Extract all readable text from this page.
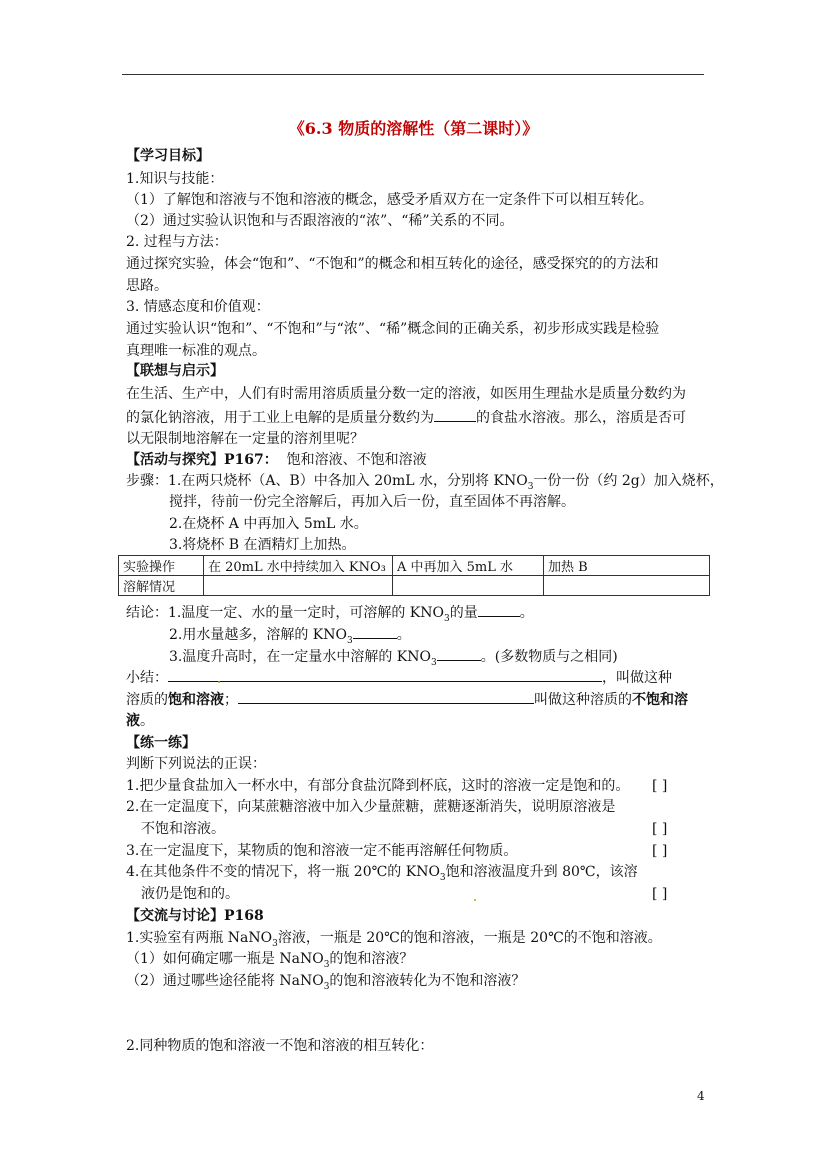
《6.3 物质的溶解性（第二课时）》
【学习目标】
1.知识与技能：
（1）了解饱和溶液与不饱和溶液的概念，感受矛盾双方在一定条件下可以相互转化。
（2）通过实验认识饱和与否跟溶液的“浓”、“稀”关系的不同。
2. 过程与方法：
通过探究实验，体会“饱和”、“不饱和”的概念和相互转化的途径，感受探究的的方法和
思路。
3. 情感态度和价值观：
通过实验认识“饱和”、“不饱和”与“浓”、“稀”概念间的正确关系，初步形成实践是检验
真理唯一标准的观点。
【联想与启示】
在生活、生产中，人们有时需用溶质质量分数一定的溶液，如医用生理盐水是质量分数约为
的氯化钠溶液，用于工业上电解的是质量分数约为	的食盐水溶液。那么，溶质是否可
以无限制地溶解在一定量的溶剂里呢？
【活动与探究】P167： 饱和溶液、不饱和溶液
步骤：1.在两只烧杯（A、B）中各加入 20mL 水，分别将 $KNO_3$一份一份（约 2g）加入烧杯，
搅拌，待前一份完全溶解后，再加入后一份，直至固体不再溶解。
2.在烧杯 A 中再加入 5mL 水。
3.将烧杯 B 在酒精灯上加热。
实验操作	在 20mL 水中持续加入 KNO₃	A 中再加入 5mL 水	加热 B
溶解情况			
结论：1.温度一定、水的量一定时，可溶解的 $KNO_3$的量	。
2.用水量越多，溶解的 $KNO_3$	。
3.温度升高时，在一定量水中溶解的 $KNO_3$	。(多数物质与之相同)
小结：	，叫做这种
溶质的饱和溶液；	叫做这种溶质的不饱和溶
液。
【练一练】
判断下列说法的正误：
1.把少量食盐加入一杯水中，有部分食盐沉降到杯底，这时的溶液一定是饱和的。 [ ]
2.在一定温度下，向某蔗糖溶液中加入少量蔗糖，蔗糖逐渐消失，说明原溶液是
不饱和溶液。	[ ]
3.在一定温度下，某物质的饱和溶液一定不能再溶解任何物质。	[ ]
4.在其他条件不变的情况下，将一瓶 20℃的 $KNO_3$饱和溶液温度升到 80℃，该溶
液仍是饱和的。	[ ]
【交流与讨论】P168
1.实验室有两瓶 NaNO$_3$溶液，一瓶是 20℃的饱和溶液，一瓶是 20℃的不饱和溶液。
（1）如何确定哪一瓶是 NaNO$_3$的饱和溶液？
（2）通过哪些途径能将 NaNO$_3$的饱和溶液转化为不饱和溶液？
2.同种物质的饱和溶液一不饱和溶液的相互转化：
4
